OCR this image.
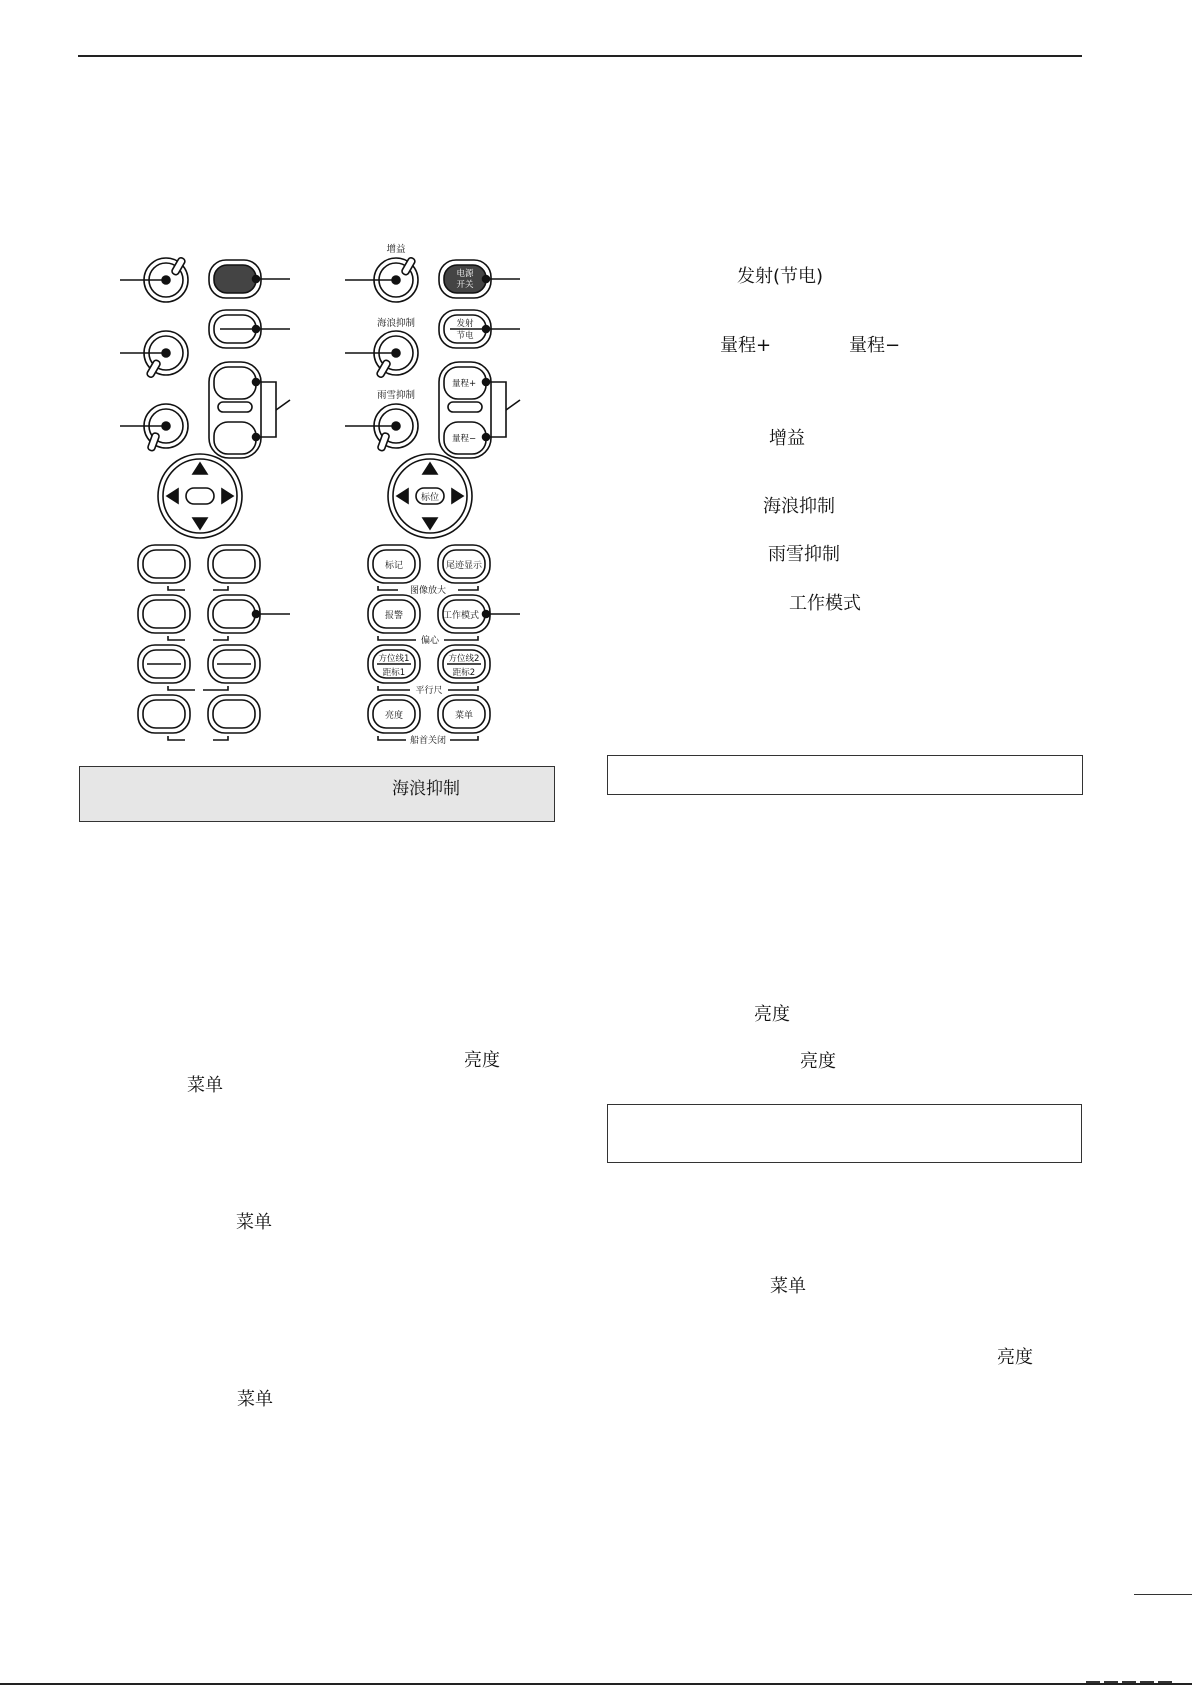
增益
海浪抑制
雨雪抑制
电源
开关
发射
节电
量程+
量程−
标位
标记	尾迹显示
图像放大
报警	工作模式
偏心
方位线1
距标1
方位线2
距标2
平行尺
亮度	菜单
船首关闭
海浪抑制
发射(节电)
量程+	量程−
增益
海浪抑制
雨雪抑制
工作模式
亮度
亮度
菜单
亮度
亮度
菜单
菜单
菜单
